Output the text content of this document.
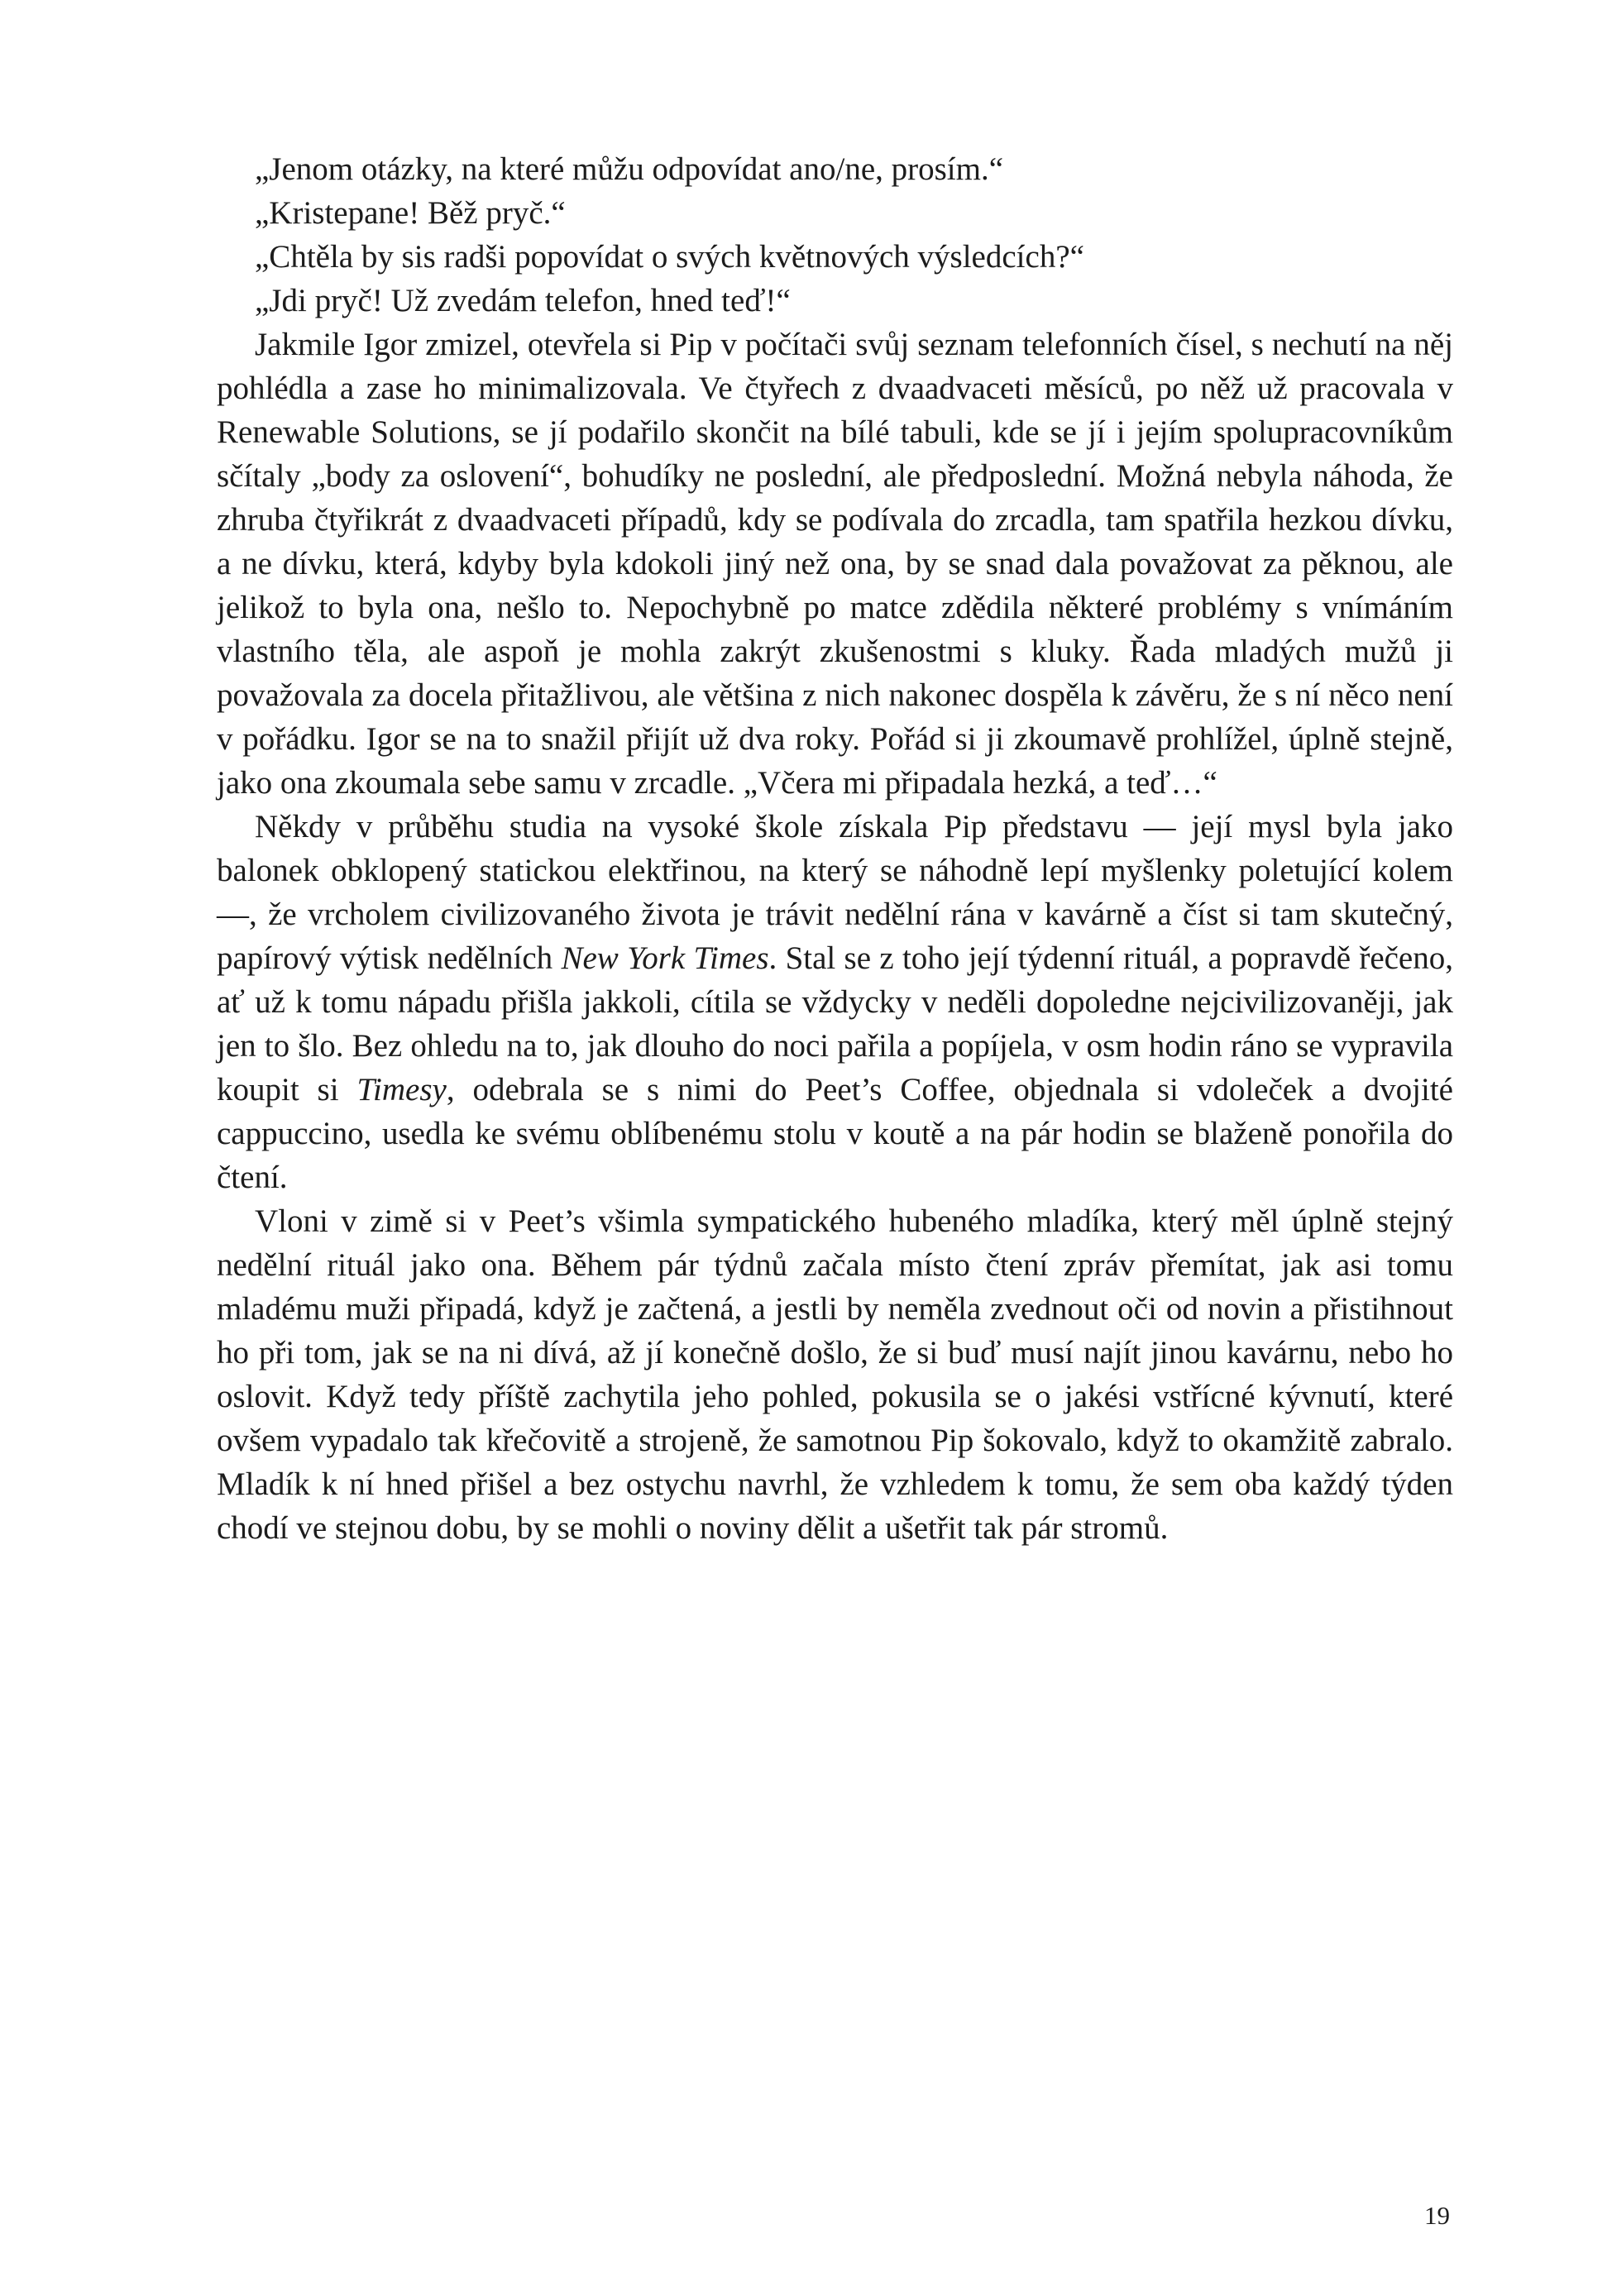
„Jenom otázky, na které můžu odpovídat ano/ne, prosím.“

„Kristepane! Běž pryč.“

„Chtěla by sis radši popovídat o svých květnových výsledcích?“

„Jdi pryč! Už zvedám telefon, hned teď!“

Jakmile Igor zmizel, otevřela si Pip v počítači svůj seznam telefonních čísel, s nechutí na něj pohlédla a zase ho minimalizovala. Ve čtyřech z dvaadvaceti měsíců, po něž už pracovala v Renewable Solutions, se jí podařilo skončit na bílé tabuli, kde se jí i jejím spolupracovníkům sčítaly „body za oslovení“, bohudíky ne poslední, ale předposlední. Možná nebyla náhoda, že zhruba čtyřikrát z dvaadvaceti případů, kdy se podívala do zrcadla, tam spatřila hezkou dívku, a ne dívku, která, kdyby byla kdokoli jiný než ona, by se snad dala považovat za pěknou, ale jelikož to byla ona, nešlo to. Nepochybně po matce zdědila některé problémy s vnímáním vlastního těla, ale aspoň je mohla zakrýt zkušenostmi s kluky. Řada mladých mužů ji považovala za docela přitažlivou, ale většina z nich nakonec dospěla k závěru, že s ní něco není v pořádku. Igor se na to snažil přijít už dva roky. Pořád si ji zkoumavě prohlížel, úplně stejně, jako ona zkoumala sebe samu v zrcadle. „Včera mi připadala hezká, a teď…“

Někdy v průběhu studia na vysoké škole získala Pip představu — její mysl byla jako balonek obklopený statickou elektřinou, na který se náhodně lepí myšlenky poletující kolem —, že vrcholem civilizovaného života je trávit nedělní rána v kavárně a číst si tam skutečný, papírový výtisk nedělních New York Times. Stal se z toho její týdenní rituál, a popravdě řečeno, ať už k tomu nápadu přišla jakkoli, cítila se vždycky v neděli dopoledne nejcivilizovaněji, jak jen to šlo. Bez ohledu na to, jak dlouho do noci pařila a popíjela, v osm hodin ráno se vypravila koupit si Timesy, odebrala se s nimi do Peet’s Coffee, objednala si vdoleček a dvojité cappuccino, usedla ke svému oblíbenému stolu v koutě a na pár hodin se blaženě ponořila do čtení.

Vloni v zimě si v Peet’s všimla sympatického hubeného mladíka, který měl úplně stejný nedělní rituál jako ona. Během pár týdnů začala místo čtení zpráv přemítat, jak asi tomu mladému muži připadá, když je začtená, a jestli by neměla zvednout oči od novin a přistihnout ho při tom, jak se na ni dívá, až jí konečně došlo, že si buď musí najít jinou kavárnu, nebo ho oslovit. Když tedy příště zachytila jeho pohled, pokusila se o jakési vstřícné kývnutí, které ovšem vypadalo tak křečovitě a strojeně, že samotnou Pip šokovalo, když to okamžitě zabralo. Mladík k ní hned přišel a bez ostychu navrhl, že vzhledem k tomu, že sem oba každý týden chodí ve stejnou dobu, by se mohli o noviny dělit a ušetřit tak pár stromů.

19
